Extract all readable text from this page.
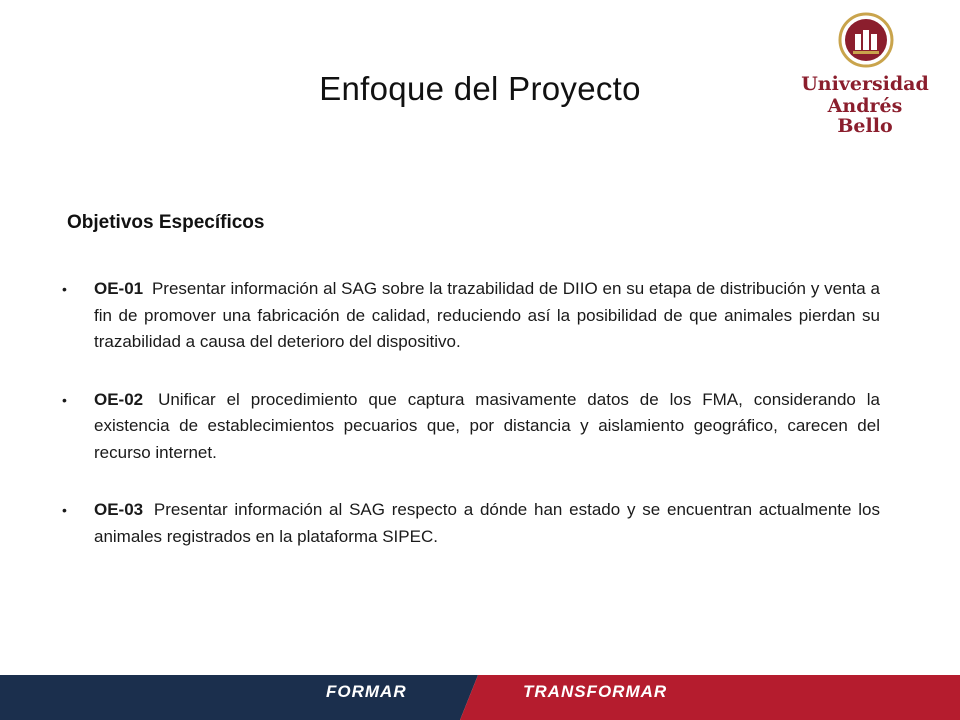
Enfoque del Proyecto	Universidad
Andrés Bello
Objetivos Específicos
• OE-01 Presentar información al SAG sobre la trazabilidad de DIIO en su etapa de distribución y venta a fin de promover una fabricación de calidad, reduciendo así la posibilidad de que animales pierdan su trazabilidad a causa del deterioro del dispositivo.
• OE-02 Unificar el procedimiento que captura masivamente datos de los FMA, considerando la existencia de establecimientos pecuarios que, por distancia y aislamiento geográfico, carecen del recurso internet.
• OE-03 Presentar información al SAG respecto a dónde han estado y se encuentran actualmente los animales registrados en la plataforma SIPEC.
FORMAR	TRANSFORMAR
